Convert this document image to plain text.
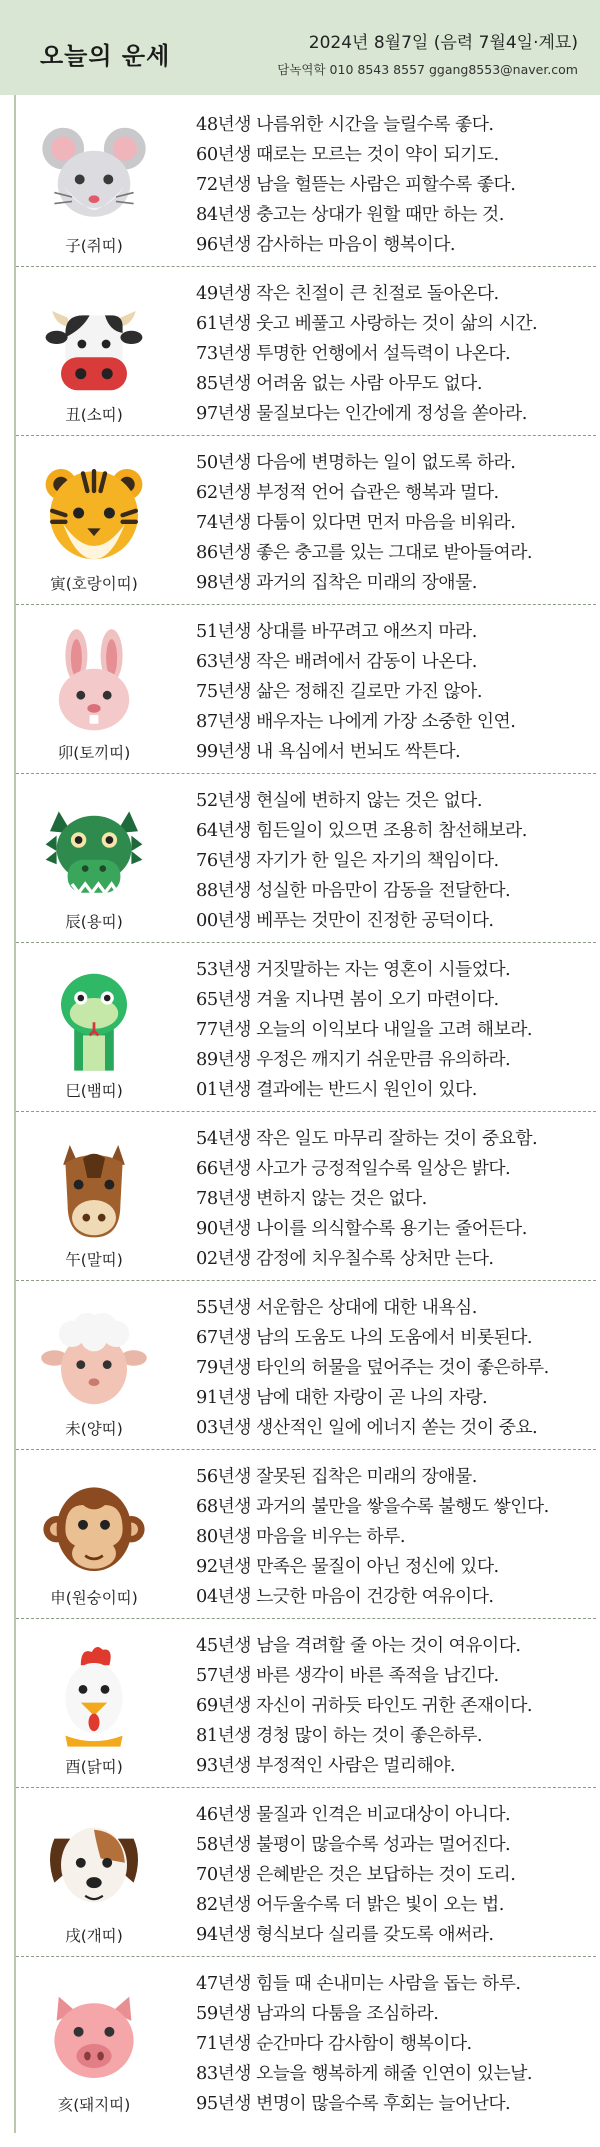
오늘의 운세	2024년 8월7일 (음력 7월4일·계묘)
담녹역학 010 8543 8557 ggang8553@naver.com
子(쥐띠)
48년생 나름위한 시간을 늘릴수록 좋다.
60년생 때로는 모르는 것이 약이 되기도.
72년생 남을 헐뜯는 사람은 피할수록 좋다.
84년생 충고는 상대가 원할 때만 하는 것.
96년생 감사하는 마음이 행복이다.
丑(소띠)
49년생 작은 친절이 큰 친절로 돌아온다.
61년생 웃고 베풀고 사랑하는 것이 삶의 시간.
73년생 투명한 언행에서 설득력이 나온다.
85년생 어려움 없는 사람 아무도 없다.
97년생 물질보다는 인간에게 정성을 쏟아라.
寅(호랑이띠)
50년생 다음에 변명하는 일이 없도록 하라.
62년생 부정적 언어 습관은 행복과 멀다.
74년생 다툼이 있다면 먼저 마음을 비워라.
86년생 좋은 충고를 있는 그대로 받아들여라.
98년생 과거의 집착은 미래의 장애물.
卯(토끼띠)
51년생 상대를 바꾸려고 애쓰지 마라.
63년생 작은 배려에서 감동이 나온다.
75년생 삶은 정해진 길로만 가진 않아.
87년생 배우자는 나에게 가장 소중한 인연.
99년생 내 욕심에서 번뇌도 싹튼다.
辰(용띠)
52년생 현실에 변하지 않는 것은 없다.
64년생 힘든일이 있으면 조용히 참선해보라.
76년생 자기가 한 일은 자기의 책임이다.
88년생 성실한 마음만이 감동을 전달한다.
00년생 베푸는 것만이 진정한 공덕이다.
巳(뱀띠)
53년생 거짓말하는 자는 영혼이 시들었다.
65년생 겨울 지나면 봄이 오기 마련이다.
77년생 오늘의 이익보다 내일을 고려 해보라.
89년생 우정은 깨지기 쉬운만큼 유의하라.
01년생 결과에는 반드시 원인이 있다.
午(말띠)
54년생 작은 일도 마무리 잘하는 것이 중요함.
66년생 사고가 긍정적일수록 일상은 밝다.
78년생 변하지 않는 것은 없다.
90년생 나이를 의식할수록 용기는 줄어든다.
02년생 감정에 치우칠수록 상처만 는다.
未(양띠)
55년생 서운함은 상대에 대한 내욕심.
67년생 남의 도움도 나의 도움에서 비롯된다.
79년생 타인의 허물을 덮어주는 것이 좋은하루.
91년생 남에 대한 자랑이 곧 나의 자랑.
03년생 생산적인 일에 에너지 쏟는 것이 중요.
申(원숭이띠)
56년생 잘못된 집착은 미래의 장애물.
68년생 과거의 불만을 쌓을수록 불행도 쌓인다.
80년생 마음을 비우는 하루.
92년생 만족은 물질이 아닌 정신에 있다.
04년생 느긋한 마음이 건강한 여유이다.
酉(닭띠)
45년생 남을 격려할 줄 아는 것이 여유이다.
57년생 바른 생각이 바른 족적을 남긴다.
69년생 자신이 귀하듯 타인도 귀한 존재이다.
81년생 경청 많이 하는 것이 좋은하루.
93년생 부정적인 사람은 멀리해야.
戌(개띠)
46년생 물질과 인격은 비교대상이 아니다.
58년생 불평이 많을수록 성과는 멀어진다.
70년생 은혜받은 것은 보답하는 것이 도리.
82년생 어두울수록 더 밝은 빛이 오는 법.
94년생 형식보다 실리를 갖도록 애써라.
亥(돼지띠)
47년생 힘들 때 손내미는 사람을 돕는 하루.
59년생 남과의 다툼을 조심하라.
71년생 순간마다 감사함이 행복이다.
83년생 오늘을 행복하게 해줄 인연이 있는날.
95년생 변명이 많을수록 후회는 늘어난다.
